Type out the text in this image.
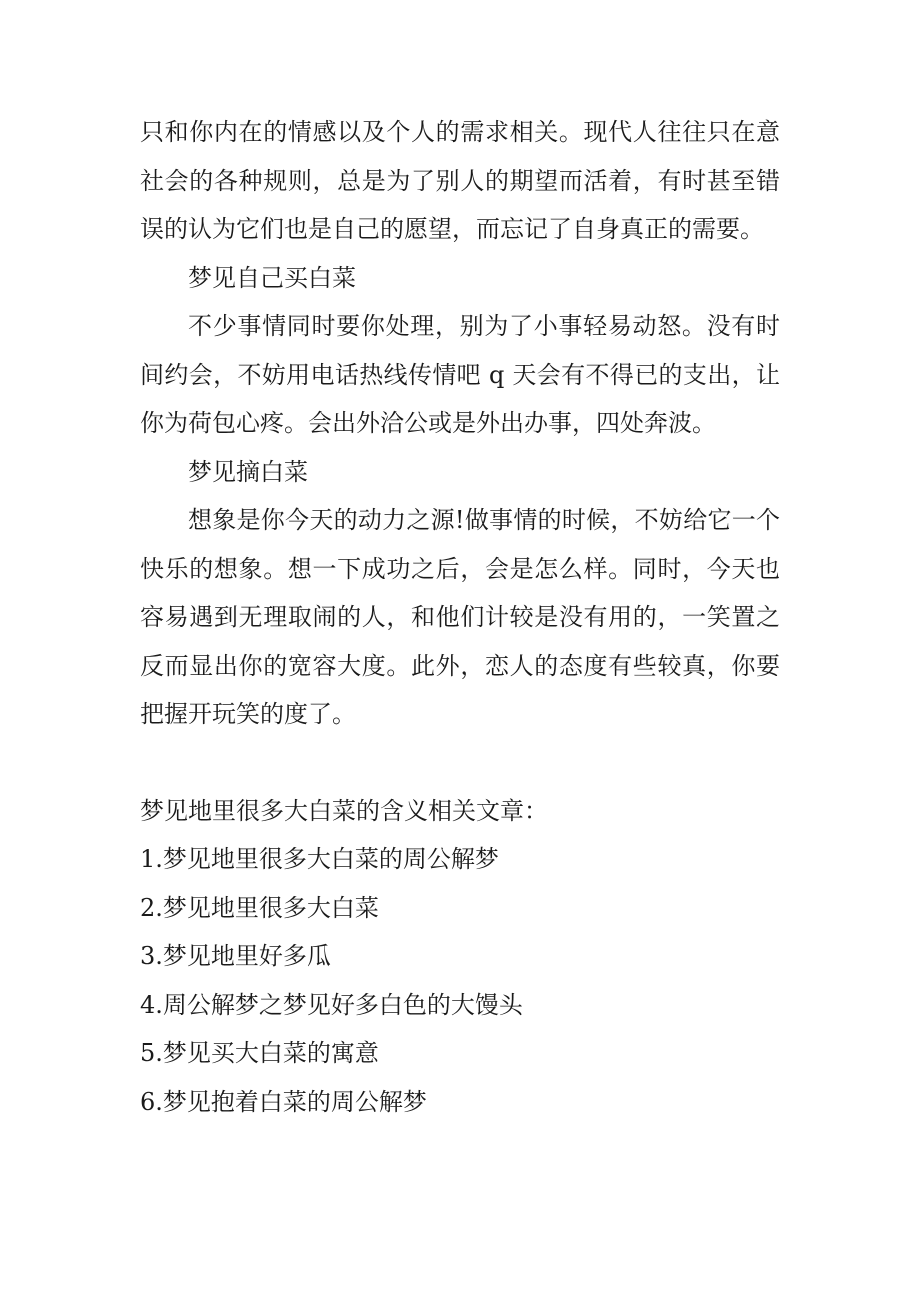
只和你内在的情感以及个人的需求相关。现代人往往只在意社会的各种规则，总是为了别人的期望而活着，有时甚至错误的认为它们也是自己的愿望，而忘记了自身真正的需要。

梦见自己买白菜

不少事情同时要你处理，别为了小事轻易动怒。没有时间约会，不妨用电话热线传情吧 q 天会有不得已的支出，让你为荷包心疼。会出外洽公或是外出办事，四处奔波。

梦见摘白菜

想象是你今天的动力之源!做事情的时候，不妨给它一个快乐的想象。想一下成功之后，会是怎么样。同时，今天也容易遇到无理取闹的人，和他们计较是没有用的，一笑置之反而显出你的宽容大度。此外，恋人的态度有些较真，你要把握开玩笑的度了。

梦见地里很多大白菜的含义相关文章：

1.梦见地里很多大白菜的周公解梦
2.梦见地里很多大白菜
3.梦见地里好多瓜
4.周公解梦之梦见好多白色的大馒头
5.梦见买大白菜的寓意
6.梦见抱着白菜的周公解梦
